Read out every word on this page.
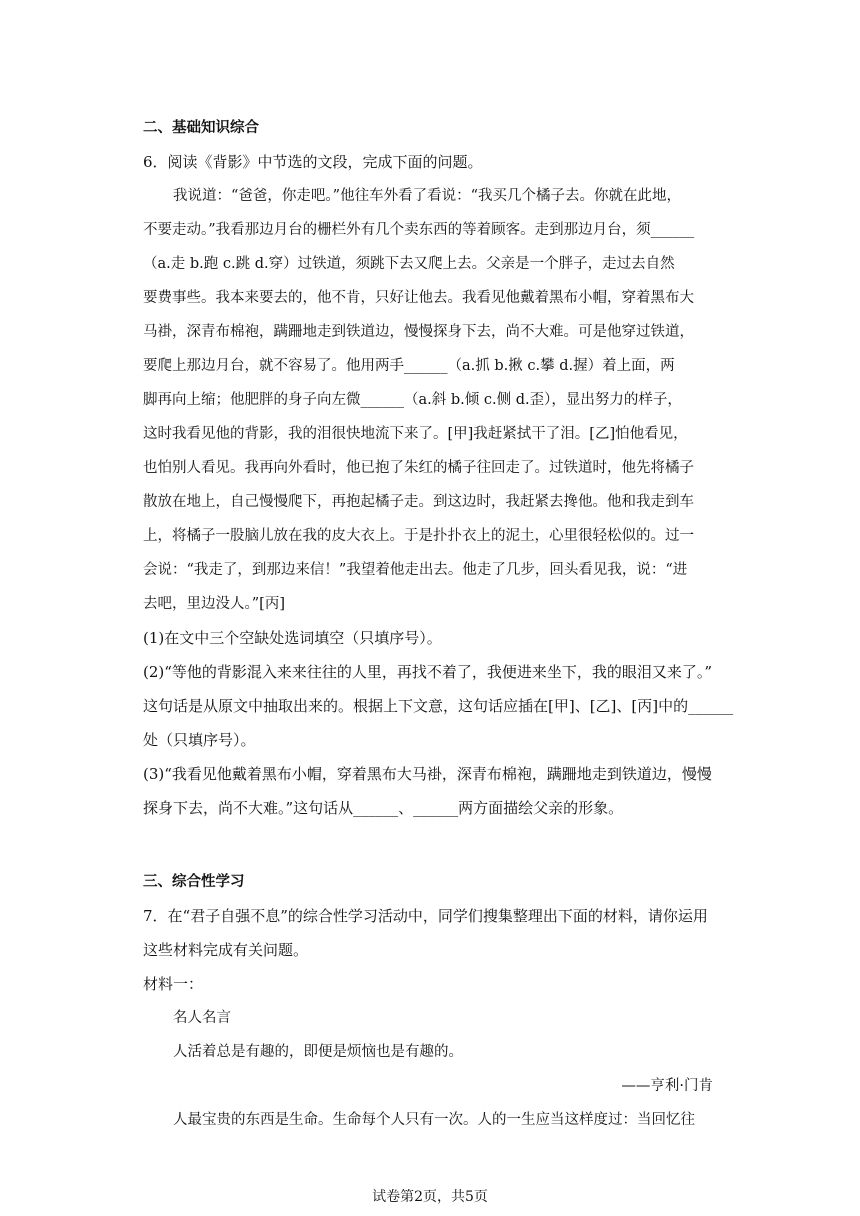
二、基础知识综合
6．阅读《背影》中节选的文段，完成下面的问题。
我说道：“爸爸，你走吧。”他往车外看了看说：“我买几个橘子去。你就在此地，
不要走动。”我看那边月台的栅栏外有几个卖东西的等着顾客。走到那边月台，须______
（a.走 b.跑 c.跳 d.穿）过铁道，须跳下去又爬上去。父亲是一个胖子，走过去自然
要费事些。我本来要去的，他不肯，只好让他去。我看见他戴着黑布小帽，穿着黑布大
马褂，深青布棉袍，蹒跚地走到铁道边，慢慢探身下去，尚不大难。可是他穿过铁道，
要爬上那边月台，就不容易了。他用两手______（a.抓 b.揪 c.攀 d.握）着上面，两
脚再向上缩；他肥胖的身子向左微______（a.斜 b.倾 c.侧 d.歪），显出努力的样子，
这时我看见他的背影，我的泪很快地流下来了。[甲]我赶紧拭干了泪。[乙]怕他看见，
也怕别人看见。我再向外看时，他已抱了朱红的橘子往回走了。过铁道时，他先将橘子
散放在地上，自己慢慢爬下，再抱起橘子走。到这边时，我赶紧去搀他。他和我走到车
上，将橘子一股脑儿放在我的皮大衣上。于是扑扑衣上的泥土，心里很轻松似的。过一
会说：“我走了，到那边来信！”我望着他走出去。他走了几步，回头看见我，说：“进
去吧，里边没人。”[丙]
(1)在文中三个空缺处选词填空（只填序号）。
(2)“等他的背影混入来来往往的人里，再找不着了，我便进来坐下，我的眼泪又来了。”
这句话是从原文中抽取出来的。根据上下文意，这句话应插在[甲]、[乙]、[丙]中的______
处（只填序号）。
(3)“我看见他戴着黑布小帽，穿着黑布大马褂，深青布棉袍，蹒跚地走到铁道边，慢慢
探身下去，尚不大难。”这句话从______、______两方面描绘父亲的形象。
三、综合性学习
7．在“君子自强不息”的综合性学习活动中，同学们搜集整理出下面的材料，请你运用
这些材料完成有关问题。
材料一：
名人名言
人活着总是有趣的，即便是烦恼也是有趣的。
——亨利·门肯
人最宝贵的东西是生命。生命每个人只有一次。人的一生应当这样度过：当回忆往
试卷第2页，共5页
